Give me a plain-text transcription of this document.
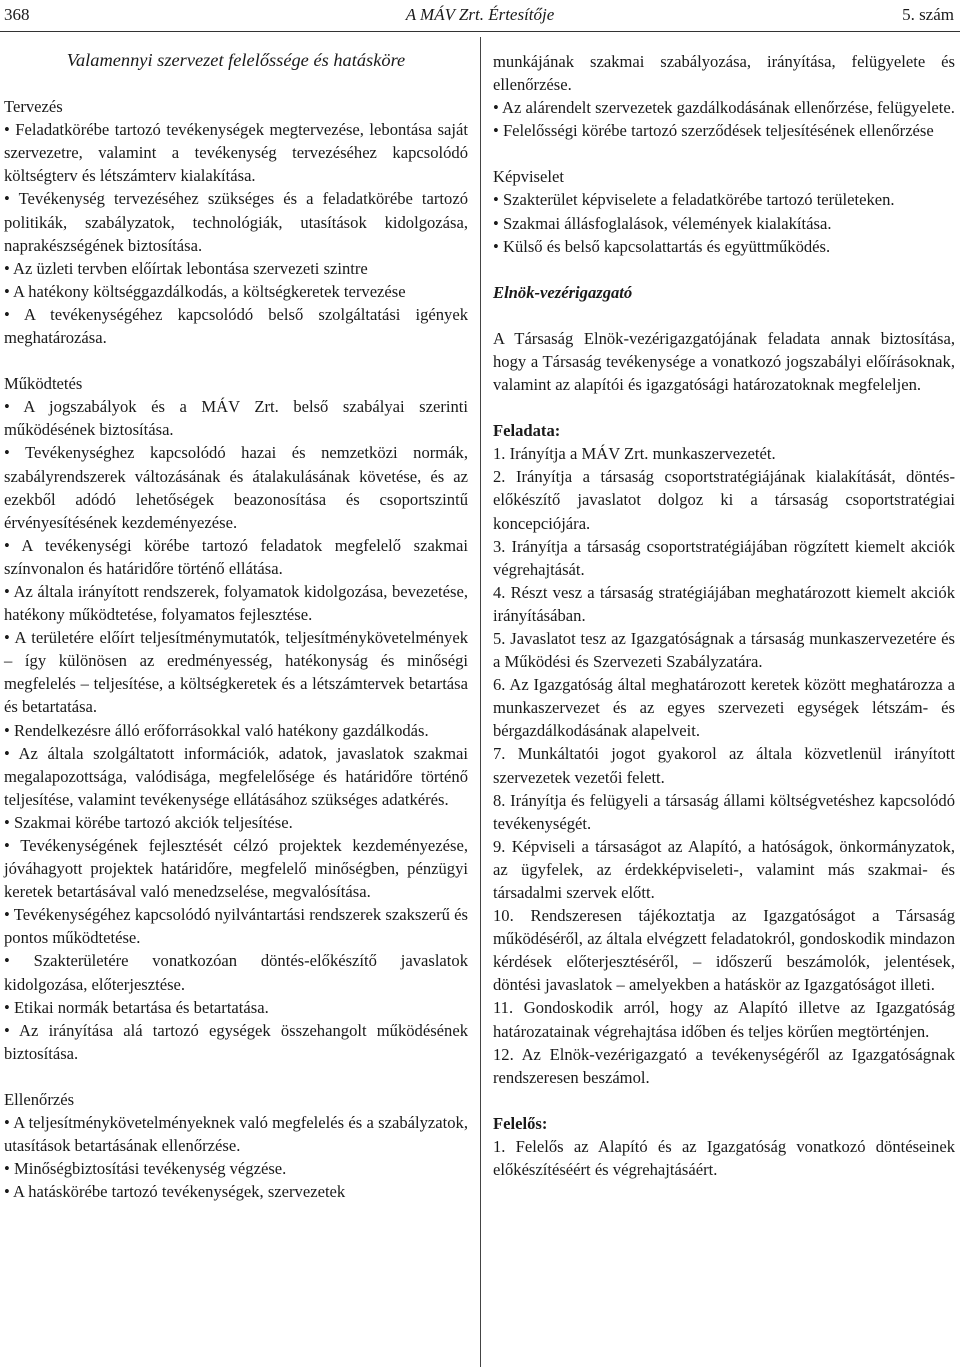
368	A MÁV Zrt. Értesítője	5. szám
Valamennyi szervezet felelőssége és hatásköre

Tervezés

• Feladatkörébe tartozó tevékenységek megtervezése, lebontása saját szervezetre, valamint a tevékenység tervezéséhez kapcsolódó költségterv és létszámterv kialakítása.

• Tevékenység tervezéséhez szükséges és a feladatkörébe tartozó politikák, szabályzatok, technológiák, utasítások kidolgozása, naprakészségének biztosítása.

• Az üzleti tervben előírtak lebontása szervezeti szintre

• A hatékony költséggazdálkodás, a költségkeretek tervezése

• A tevékenységéhez kapcsolódó belső szolgáltatási igények meghatározása.

Működtetés

• A jogszabályok és a MÁV Zrt. belső szabályai szerinti működésének biztosítása.

• Tevékenységhez kapcsolódó hazai és nemzetközi normák, szabályrendszerek változásának és átalakulásának követése, és az ezekből adódó lehetőségek beazonosítása és csoportszintű érvényesítésének kezdeményezése.

• A tevékenységi körébe tartozó feladatok megfelelő szakmai színvonalon és határidőre történő ellátása.

• Az általa irányított rendszerek, folyamatok kidolgozása, bevezetése, hatékony működtetése, folyamatos fejlesztése.

• A területére előírt teljesítménymutatók, teljesítménykövetelmények – így különösen az eredményesség, hatékonyság és minőségi megfelelés – teljesítése, a költségkeretek és a létszámtervek betartása és betartatása.

• Rendelkezésre álló erőforrásokkal való hatékony gazdálkodás.

• Az általa szolgáltatott információk, adatok, javaslatok szakmai megalapozottsága, valódisága, megfelelősége és határidőre történő teljesítése, valamint tevékenysége ellátásához szükséges adatkérés.

• Szakmai körébe tartozó akciók teljesítése.

• Tevékenységének fejlesztését célzó projektek kezdeményezése, jóváhagyott projektek határidőre, megfelelő minőségben, pénzügyi keretek betartásával való menedzselése, megvalósítása.

• Tevékenységéhez kapcsolódó nyilvántartási rendszerek szakszerű és pontos működtetése.

• Szakterületére vonatkozóan döntés-előkészítő javaslatok kidolgozása, előterjesztése.

• Etikai normák betartása és betartatása.

• Az irányítása alá tartozó egységek összehangolt működésének biztosítása.

Ellenőrzés

• A teljesítménykövetelményeknek való megfelelés és a szabályzatok, utasítások betartásának ellenőrzése.

• Minőségbiztosítási tevékenység végzése.

• A hatáskörébe tartozó tevékenységek, szervezetek

munkájának szakmai szabályozása, irányítása, felügyelete és ellenőrzése.

• Az alárendelt szervezetek gazdálkodásának ellenőrzése, felügyelete.

• Felelősségi körébe tartozó szerződések teljesítésének ellenőrzése

Képviselet

• Szakterület képviselete a feladatkörébe tartozó területeken.

• Szakmai állásfoglalások, vélemények kialakítása.

• Külső és belső kapcsolattartás és együttműködés.

Elnök-vezérigazgató

A Társaság Elnök-vezérigazgatójának feladata annak biztosítása, hogy a Társaság tevékenysége a vonatkozó jogszabályi előírásoknak, valamint az alapítói és igazgatósági határozatoknak megfeleljen.

Feladata:

1. Irányítja a MÁV Zrt. munkaszervezetét.

2. Irányítja a társaság csoportstratégiájának kialakítását, döntés-előkészítő javaslatot dolgoz ki a társaság csoportstratégiai koncepciójára.

3. Irányítja a társaság csoportstratégiájában rögzített kiemelt akciók végrehajtását.

4. Részt vesz a társaság stratégiájában meghatározott kiemelt akciók irányításában.

5. Javaslatot tesz az Igazgatóságnak a társaság munkaszervezetére és a Működési és Szervezeti Szabályzatára.

6. Az Igazgatóság által meghatározott keretek között meghatározza a munkaszervezet és az egyes szervezeti egységek létszám- és bérgazdálkodásának alapelveit.

7. Munkáltatói jogot gyakorol az általa közvetlenül irányított szervezetek vezetői felett.

8. Irányítja és felügyeli a társaság állami költségvetéshez kapcsolódó tevékenységét.

9. Képviseli a társaságot az Alapító, a hatóságok, önkormányzatok, az ügyfelek, az érdekképviseleti-, valamint más szakmai- és társadalmi szervek előtt.

10. Rendszeresen tájékoztatja az Igazgatóságot a Társaság működéséről, az általa elvégzett feladatokról, gondoskodik mindazon kérdések előterjesztéséről, – időszerű beszámolók, jelentések, döntési javaslatok – amelyekben a hatáskör az Igazgatóságot illeti.

11. Gondoskodik arról, hogy az Alapító illetve az Igazgatóság határozatainak végrehajtása időben és teljes körűen megtörténjen.

12. Az Elnök-vezérigazgató a tevékenységéről az Igazgatóságnak rendszeresen beszámol.

Felelős:

1. Felelős az Alapító és az Igazgatóság vonatkozó döntéseinek előkészítéséért és végrehajtásáért.
